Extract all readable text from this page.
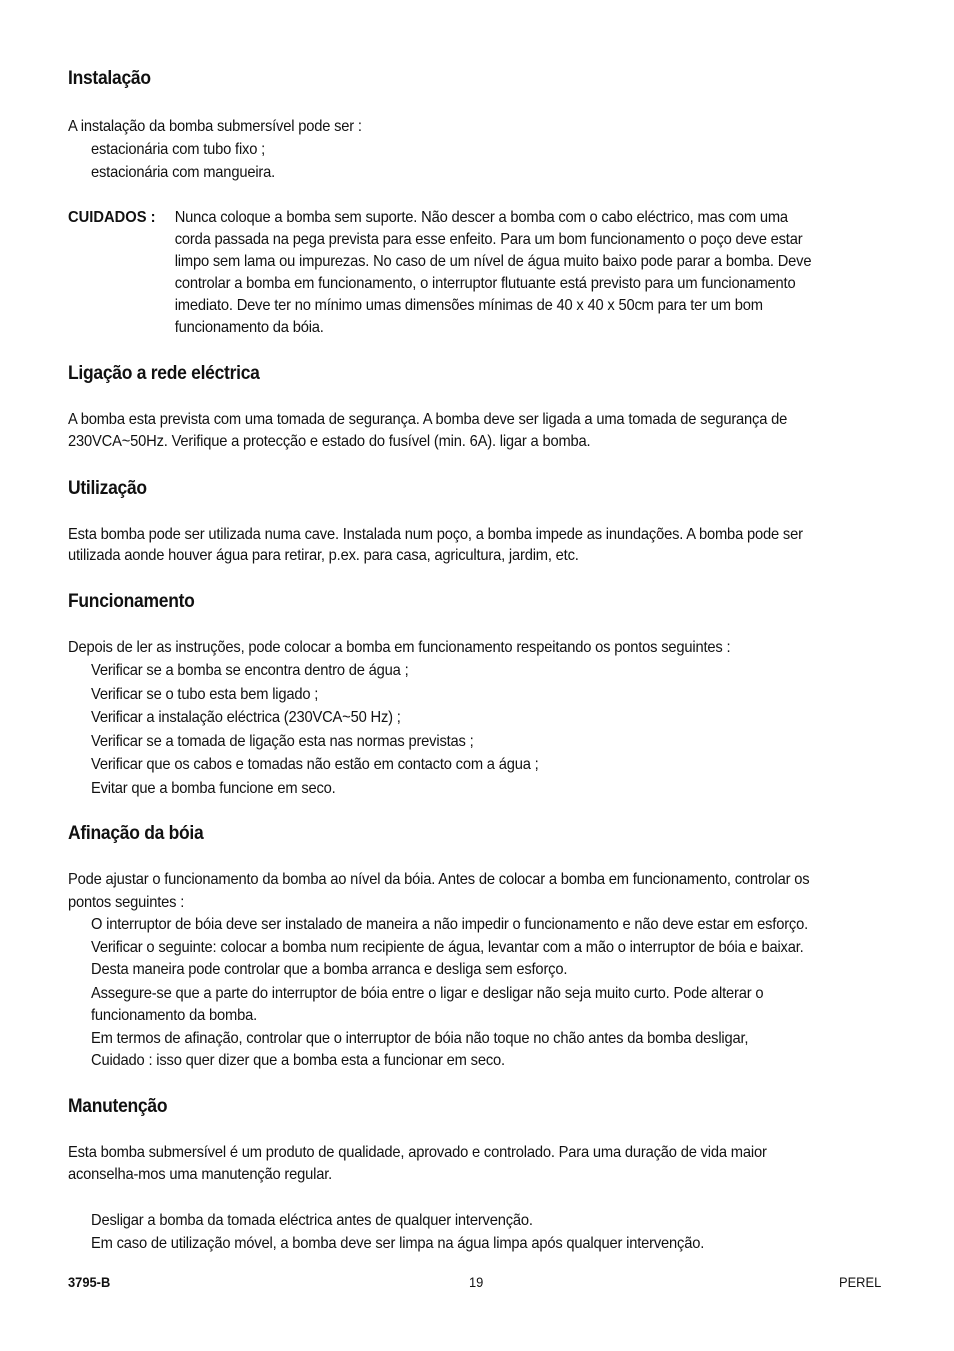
Instalação

A instalação da bomba submersível pode ser :

estacionária com tubo fixo ;

estacionária com mangueira.

CUIDADOS : Nunca coloque a bomba sem suporte. Não descer a bomba com o cabo eléctrico, mas com uma
corda passada na pega prevista para esse enfeito. Para um bom funcionamento o poço deve estar
limpo sem lama ou impurezas. No caso de um nível de água muito baixo pode parar a bomba. Deve
controlar a bomba em funcionamento, o interruptor flutuante está previsto para um funcionamento
imediato. Deve ter no mínimo umas dimensões mínimas de 40 x 40 x 50cm para ter um bom
funcionamento da bóia.
Ligação a rede eléctrica

A bomba esta prevista com uma tomada de segurança. A bomba deve ser ligada a uma tomada de segurança de

230VCA~50Hz. Verifique a protecção e estado do fusível (min. 6A). ligar a bomba.

Utilização

Esta bomba pode ser utilizada numa cave. Instalada num poço, a bomba impede as inundações. A bomba pode ser

utilizada aonde houver água para retirar, p.ex. para casa, agricultura, jardim, etc.

Funcionamento

Depois de ler as instruções, pode colocar a bomba em funcionamento respeitando os pontos seguintes :

Verificar se a bomba se encontra dentro de água ;

Verificar se o tubo esta bem ligado ;

Verificar a instalação eléctrica (230VCA~50 Hz) ;

Verificar se a tomada de ligação esta nas normas previstas ;

Verificar que os cabos e tomadas não estão em contacto com a água ;

Evitar que a bomba funcione em seco.

Afinação da bóia

Pode ajustar o funcionamento da bomba ao nível da bóia. Antes de colocar a bomba em funcionamento, controlar os

pontos seguintes :

O interruptor de bóia deve ser instalado de maneira a não impedir o funcionamento e não deve estar em esforço.

Verificar o seguinte: colocar a bomba num recipiente de água, levantar com a mão o interruptor de bóia e baixar.

Desta maneira pode controlar que a bomba arranca e desliga sem esforço.

Assegure-se que a parte do interruptor de bóia entre o ligar e desligar não seja muito curto. Pode alterar o

funcionamento da bomba.

Em termos de afinação, controlar que o interruptor de bóia não toque no chão antes da bomba desligar,

Cuidado : isso quer dizer que a bomba esta a funcionar em seco.

Manutenção

Esta bomba submersível é um produto de qualidade, aprovado e controlado. Para uma duração de vida maior

aconselha-mos uma manutenção regular.

Desligar a bomba da tomada eléctrica antes de qualquer intervenção.

Em caso de utilização móvel, a bomba deve ser limpa na água limpa após qualquer intervenção.

3795-B	19	PEREL
